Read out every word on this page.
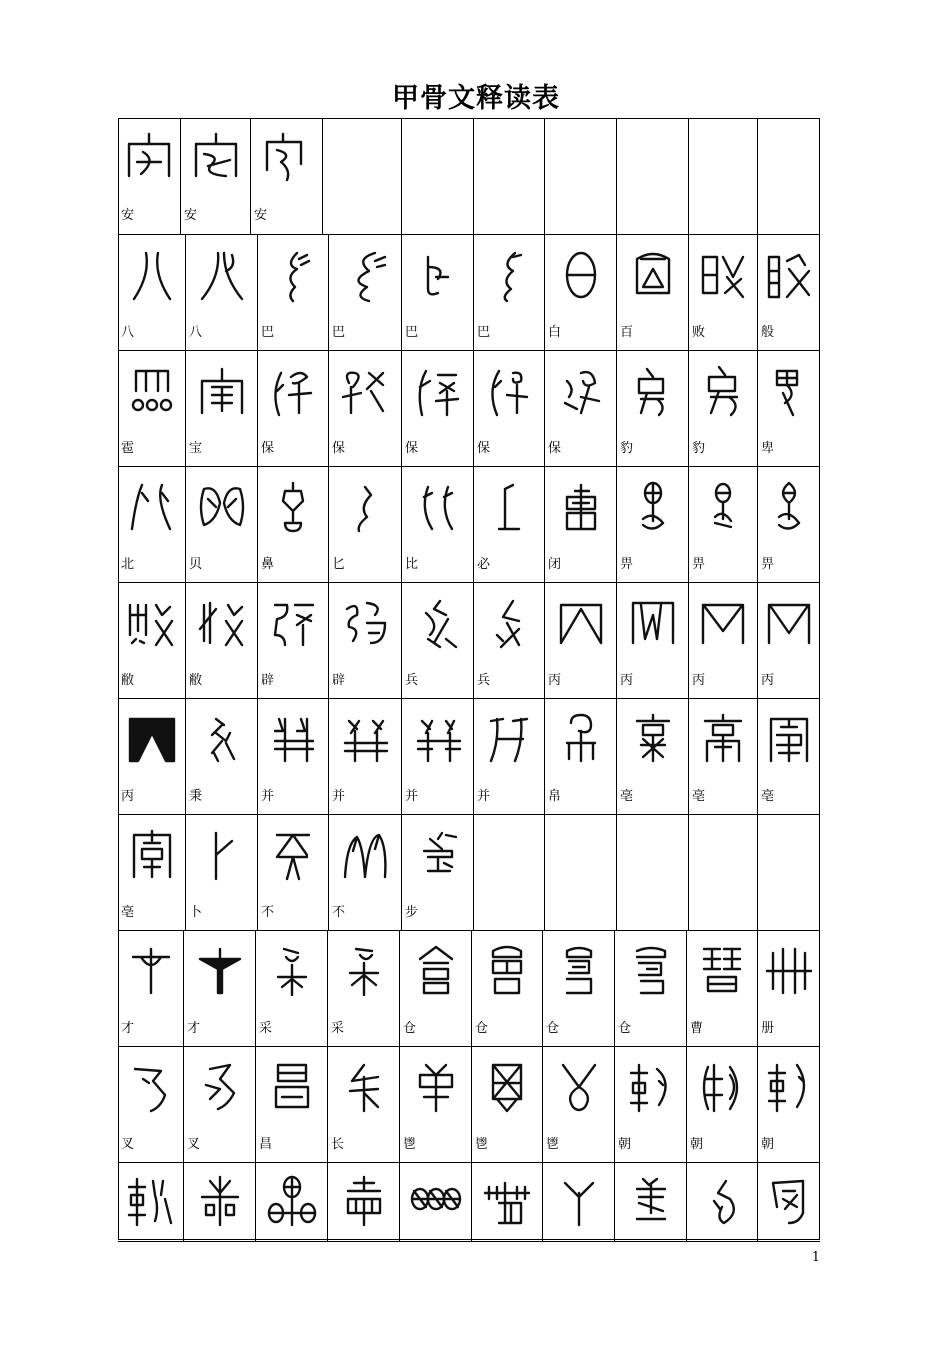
甲骨文释读表
安	安	安
八	八	巴	巴	巴	巴	白	百	败	般
雹	宝	保	保	保	保	保	豹	豹	卑
北	贝	鼻	匕	比	必	闭	畀	畀	畀
敝	敝	辟	辟	兵	兵	丙	丙	丙	丙
丙	秉	并	并	并	并	帛	亳	亳	亳
亳	卜	不	不	步
才	才	采	采	仓	仓	仓	仓	曹	册
叉	叉	昌	长	鬯	鬯	鬯	朝	朝	朝
1
